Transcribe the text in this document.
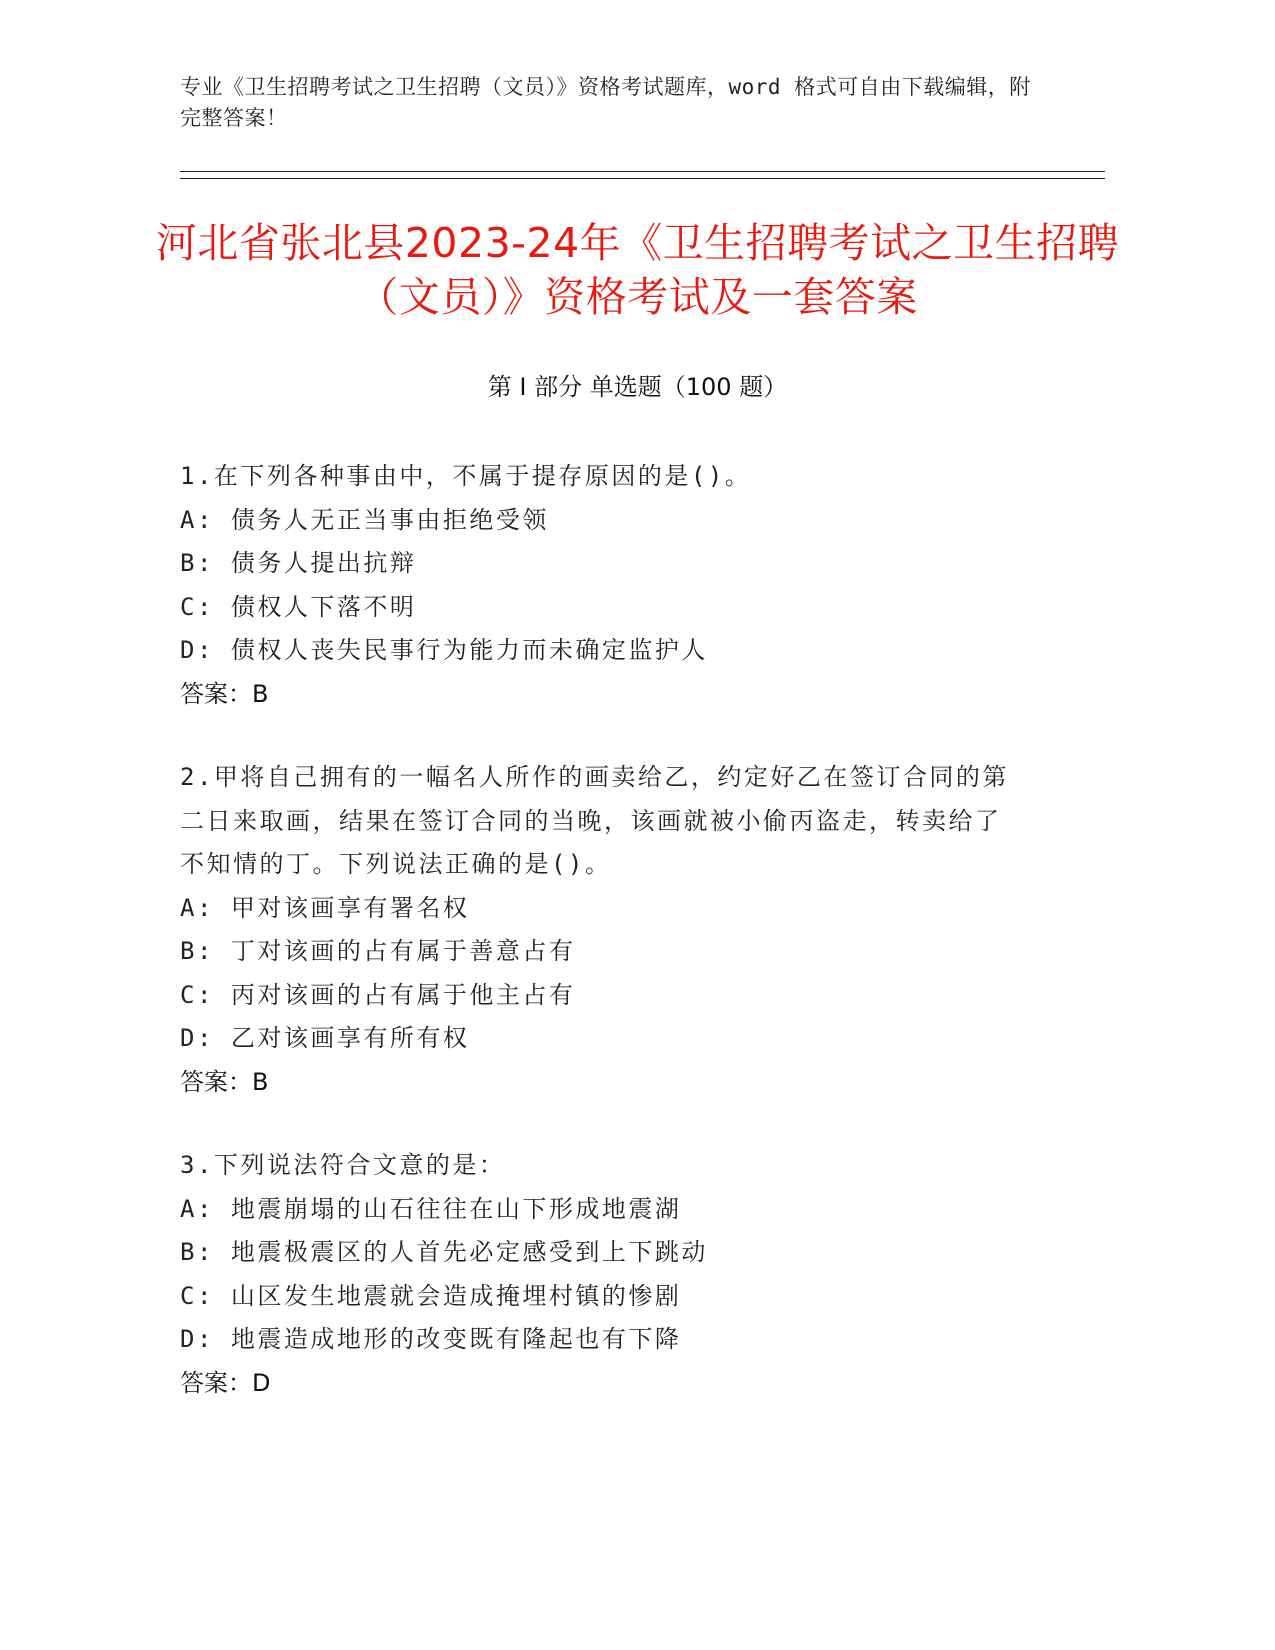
专业《卫生招聘考试之卫生招聘（文员）》资格考试题库，word 格式可自由下载编辑，附完整答案！
河北省张北县2023-24年《卫生招聘考试之卫生招聘（文员）》资格考试及一套答案
第 I 部分 单选题（100 题）
1.在下列各种事由中，不属于提存原因的是()。
A: 债务人无正当事由拒绝受领
B: 债务人提出抗辩
C: 债权人下落不明
D: 债权人丧失民事行为能力而未确定监护人
答案：B
2.甲将自己拥有的一幅名人所作的画卖给乙，约定好乙在签订合同的第二日来取画，结果在签订合同的当晚，该画就被小偷丙盗走，转卖给了不知情的丁。下列说法正确的是()。
A: 甲对该画享有署名权
B: 丁对该画的占有属于善意占有
C: 丙对该画的占有属于他主占有
D: 乙对该画享有所有权
答案：B
3.下列说法符合文意的是：
A: 地震崩塌的山石往往在山下形成地震湖
B: 地震极震区的人首先必定感受到上下跳动
C: 山区发生地震就会造成掩埋村镇的惨剧
D: 地震造成地形的改变既有隆起也有下降
答案：D
